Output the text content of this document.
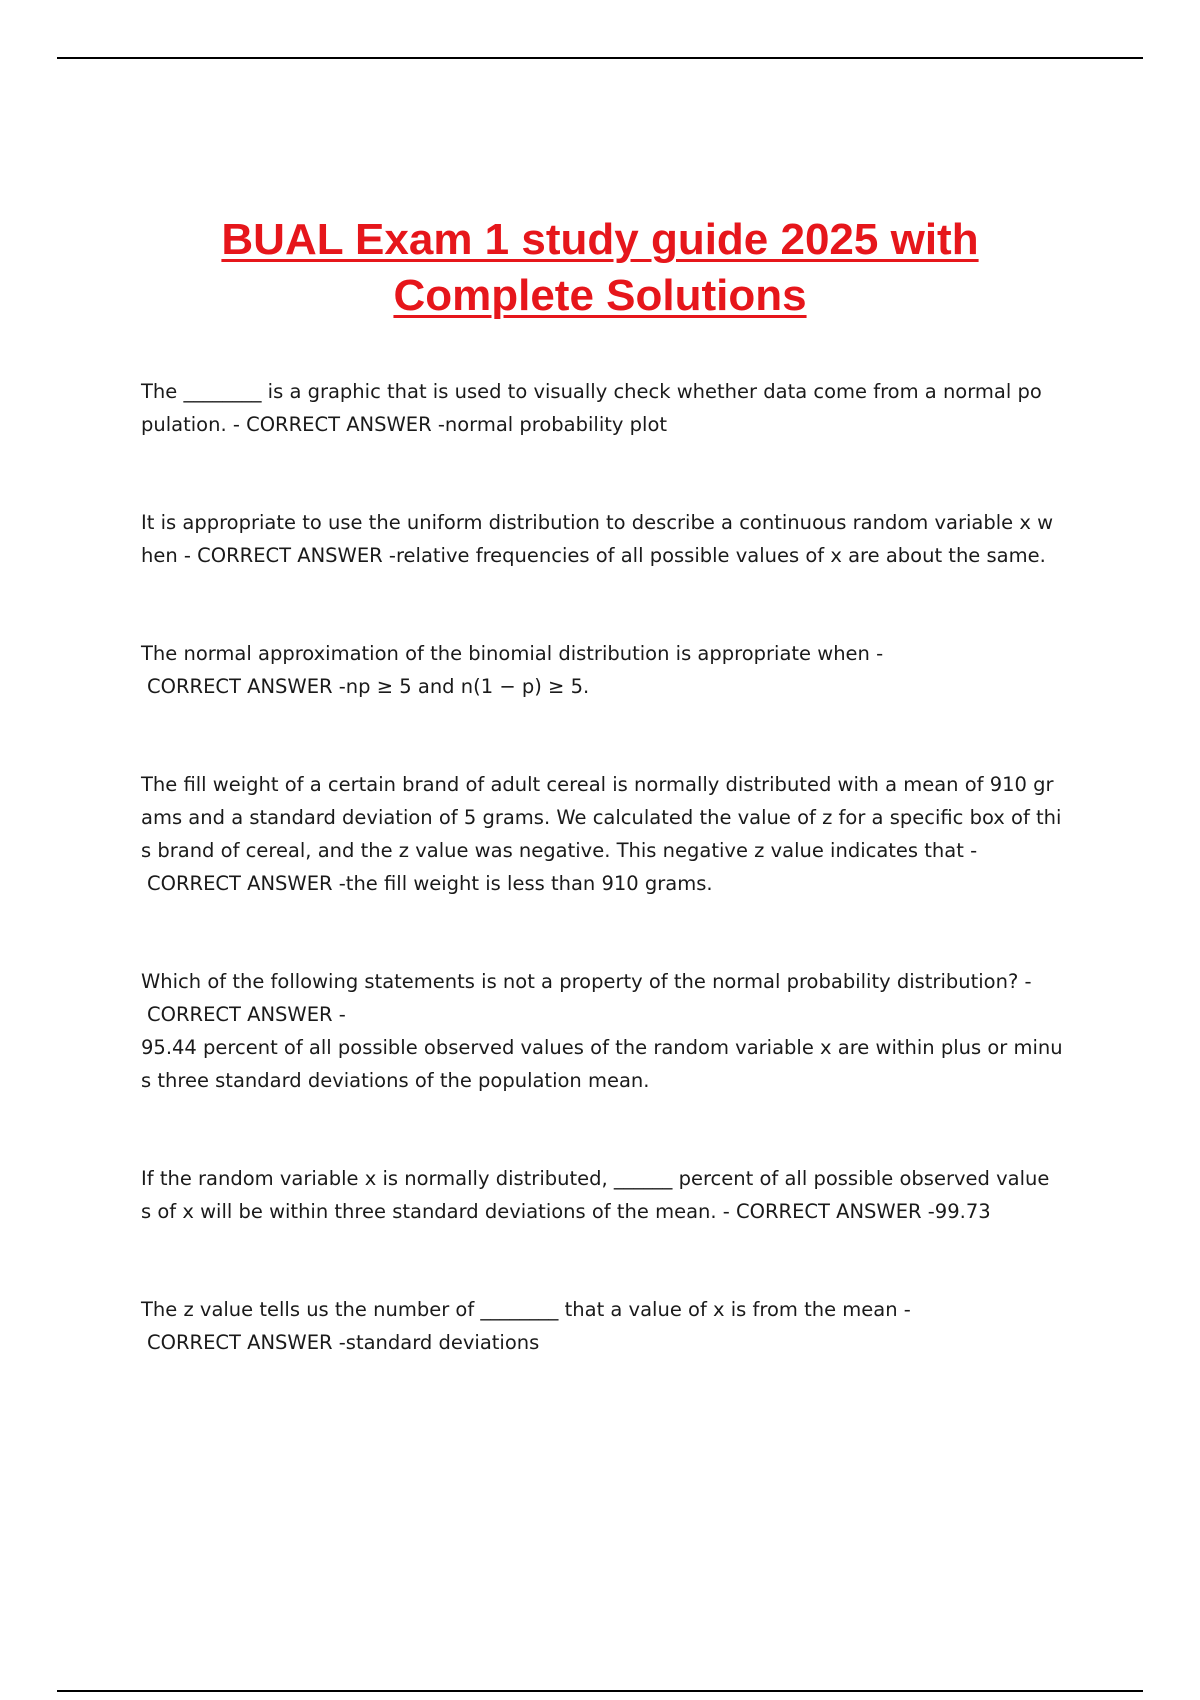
BUAL Exam 1 study guide 2025 with
Complete Solutions

The ________ is a graphic that is used to visually check whether data come from a normal po

pulation. - CORRECT ANSWER -normal probability plot

It is appropriate to use the uniform distribution to describe a continuous random variable x w

hen - CORRECT ANSWER -relative frequencies of all possible values of x are about the same.

The normal approximation of the binomial distribution is appropriate when -

CORRECT ANSWER -np ≥ 5 and n(1 − p) ≥ 5.

The fill weight of a certain brand of adult cereal is normally distributed with a mean of 910 gr

ams and a standard deviation of 5 grams. We calculated the value of z for a specific box of thi

s brand of cereal, and the z value was negative. This negative z value indicates that -

CORRECT ANSWER -the fill weight is less than 910 grams.

Which of the following statements is not a property of the normal probability distribution? -

CORRECT ANSWER -

95.44 percent of all possible observed values of the random variable x are within plus or minu

s three standard deviations of the population mean.

If the random variable x is normally distributed, ______ percent of all possible observed value

s of x will be within three standard deviations of the mean. - CORRECT ANSWER -99.73

The z value tells us the number of ________ that a value of x is from the mean -

CORRECT ANSWER -standard deviations
